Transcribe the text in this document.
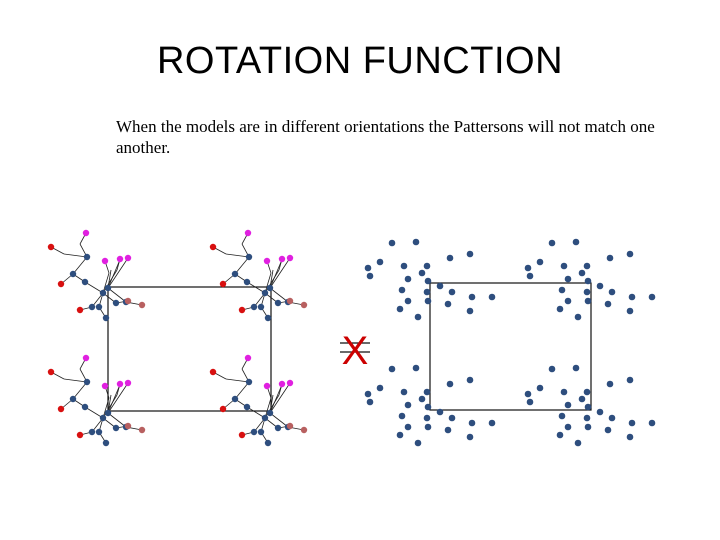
ROTATION FUNCTION
When the models are in different orientations the Pattersons will not match one another.
X
